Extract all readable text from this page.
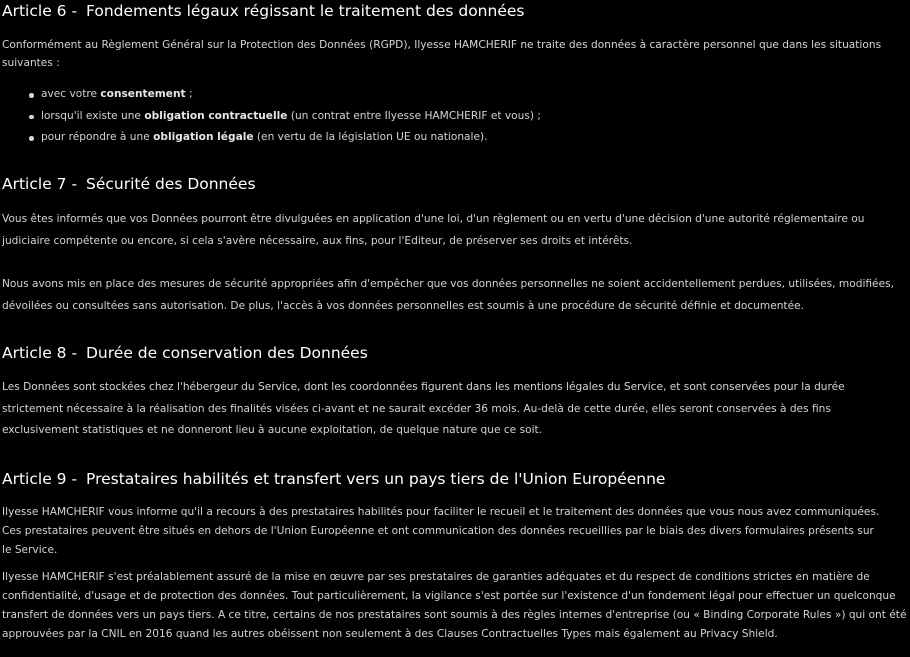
Article 6 - Fondements légaux régissant le traitement des données

Conformément au Règlement Général sur la Protection des Données (RGPD), Ilyesse HAMCHERIF ne traite des données à caractère personnel que dans les situations suivantes :

avec votre consentement ;
lorsqu'il existe une obligation contractuelle (un contrat entre Ilyesse HAMCHERIF et vous) ;
pour répondre à une obligation légale (en vertu de la législation UE ou nationale).
Article 7 - Sécurité des Données

Vous êtes informés que vos Données pourront être divulguées en application d'une loi, d'un règlement ou en vertu d'une décision d'une autorité réglementaire ou judiciaire compétente ou encore, si cela s'avère nécessaire, aux fins, pour l'Editeur, de préserver ses droits et intérêts.

Nous avons mis en place des mesures de sécurité appropriées afin d'empêcher que vos données personnelles ne soient accidentellement perdues, utilisées, modifiées, dévoilées ou consultées sans autorisation. De plus, l'accès à vos données personnelles est soumis à une procédure de sécurité définie et documentée.

Article 8 - Durée de conservation des Données

Les Données sont stockées chez l'hébergeur du Service, dont les coordonnées figurent dans les mentions légales du Service, et sont conservées pour la durée strictement nécessaire à la réalisation des finalités visées ci-avant et ne saurait excéder 36 mois. Au-delà de cette durée, elles seront conservées à des fins exclusivement statistiques et ne donneront lieu à aucune exploitation, de quelque nature que ce soit.

Article 9 - Prestataires habilités et transfert vers un pays tiers de l'Union Européenne

Ilyesse HAMCHERIF vous informe qu'il a recours à des prestataires habilités pour faciliter le recueil et le traitement des données que vous nous avez communiquées. Ces prestataires peuvent être situés en dehors de l'Union Européenne et ont communication des données recueillies par le biais des divers formulaires présents sur le Service.

Ilyesse HAMCHERIF s'est préalablement assuré de la mise en œuvre par ses prestataires de garanties adéquates et du respect de conditions strictes en matière de confidentialité, d'usage et de protection des données. Tout particulièrement, la vigilance s'est portée sur l'existence d'un fondement légal pour effectuer un quelconque transfert de données vers un pays tiers. A ce titre, certains de nos prestataires sont soumis à des règles internes d'entreprise (ou « Binding Corporate Rules ») qui ont été approuvées par la CNIL en 2016 quand les autres obéissent non seulement à des Clauses Contractuelles Types mais également au Privacy Shield.
